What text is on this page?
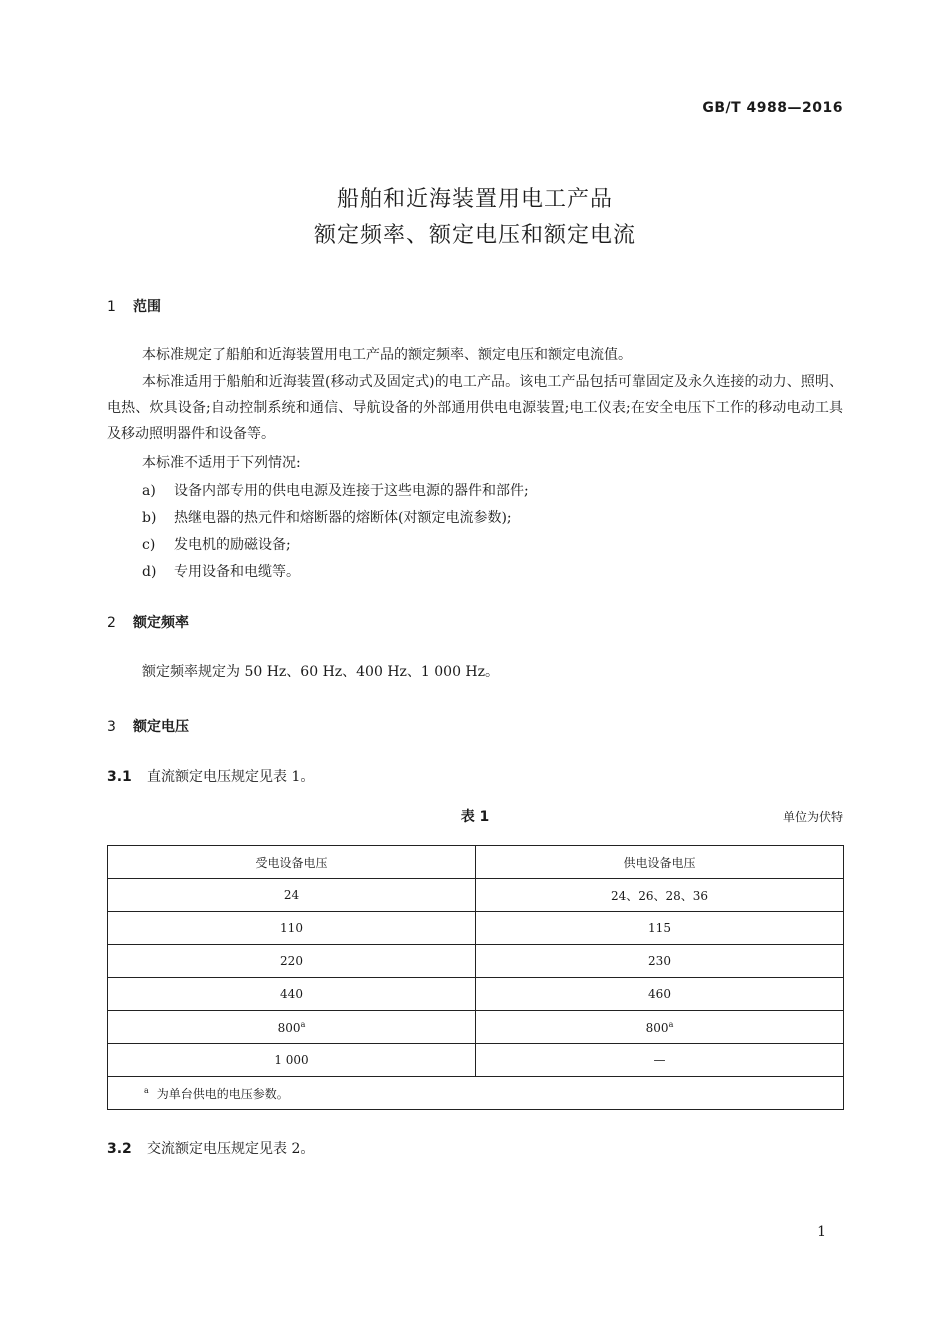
GB/T 4988—2016
船舶和近海装置用电工产品
额定频率、额定电压和额定电流
1 范围
本标准规定了船舶和近海装置用电工产品的额定频率、额定电压和额定电流值。
本标准适用于船舶和近海装置(移动式及固定式)的电工产品。该电工产品包括可靠固定及永久连接的动力、照明、电热、炊具设备;自动控制系统和通信、导航设备的外部通用供电电源装置;电工仪表;在安全电压下工作的移动电动工具及移动照明器件和设备等。
本标准不适用于下列情况:
a) 设备内部专用的供电电源及连接于这些电源的器件和部件;
b) 热继电器的热元件和熔断器的熔断体(对额定电流参数);
c) 发电机的励磁设备;
d) 专用设备和电缆等。
2 额定频率
额定频率规定为 50 Hz、60 Hz、400 Hz、1 000 Hz。
3 额定电压
3.1 直流额定电压规定见表 1。
表 1	单位为伏特
受电设备电压	供电设备电压
24	24、26、28、36
110	115
220	230
440	460
800$^a$	800$^a$
1 000	—
$^a$ 为单台供电的电压参数。	
3.2 交流额定电压规定见表 2。
1
